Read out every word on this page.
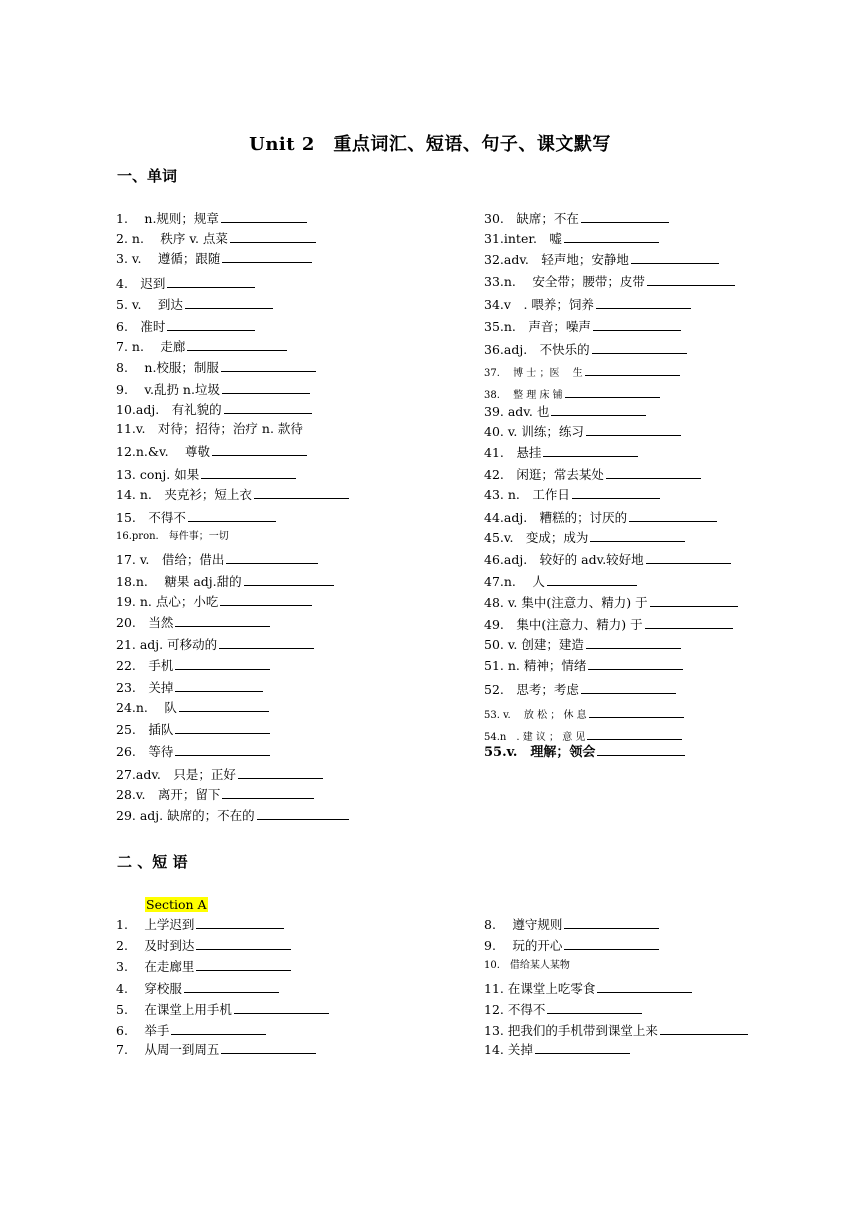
Unit 2　重点词汇、短语、句子、课文默写
一、单词
1.　 n.规则；规章
2. n.　 秩序 v. 点菜
3. v.　 遵循；跟随
4.　迟到
5. v.　 到达
6.　准时
7. n.　 走廊
8.　 n.校服；制服
9.　 v.乱扔 n.垃圾
10.adj.　有礼貌的
11.v.　对待；招待；治疗 n. 款待
12.n.&v.　 尊敬
13. conj. 如果
14. n.　夹克衫；短上衣
15.　不得不
16.pron.　每件事；一切
17. v.　借给；借出
18.n.　 糖果 adj.甜的
19. n. 点心；小吃
20.　当然
21. adj. 可移动的
22.　手机
23.　关掉
24.n.　 队
25.　插队
26.　等待
27.adv.　只是；正好
28.v.　离开；留下
29. adj. 缺席的；不在的
30.　缺席；不在
31.inter.　嘘
32.adv.　轻声地；安静地
33.n.　 安全带；腰带；皮带
34.v　. 喂养；饲养
35.n.　声音；噪声
36.adj.　不快乐的
37.　 博 士 ；医　 生
38.　 整 理 床 铺
39. adv. 也
40. v. 训练；练习
41.　悬挂
42.　闲逛；常去某处
43. n.　工作日
44.adj.　糟糕的；讨厌的
45.v.　变成；成为
46.adj.　较好的 adv.较好地
47.n.　 人
48. v. 集中(注意力、精力) 于
49.　集中(注意力、精力) 于
50. v. 创建；建造
51. n. 精神；情绪
52.　思考；考虑
53. v.　 放 松 ； 休 息
54.n　. 建 议 ； 意 见
55.v.　理解；领会
二 、短 语
Section A
1.　 上学迟到
2.　 及时到达
3.　 在走廊里
4.　 穿校服
5.　 在课堂上用手机
6.　 举手
7.　 从周一到周五
8.　 遵守规则
9.　 玩的开心
10.　借给某人某物
11. 在课堂上吃零食
12. 不得不
13. 把我们的手机带到课堂上来
14. 关掉
